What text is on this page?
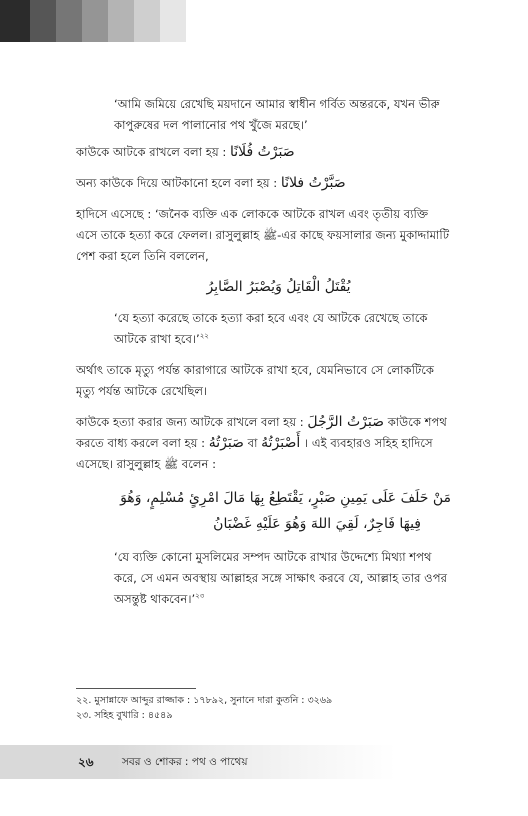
‘আমি জমিয়ে রেখেছি ময়দানে আমার স্বাধীন গর্বিত অন্তরকে, যখন ভীরু কাপুরুষের দল পালানোর পথ খুঁজে মরছে।’

কাউকে আটকে রাখলে বলা হয় : صَبَرْتُ فُلَانًا

অন্য কাউকে দিয়ে আটকানো হলে বলা হয় : صَبَّرْتُ فلانًا

হাদিসে এসেছে : ‘জনৈক ব্যক্তি এক লোককে আটকে রাখল এবং তৃতীয় ব্যক্তি এসে তাকে হত্যা করে ফেলল। রাসুলুল্লাহ ﷺ-এর কাছে ফয়সালার জন্য মুকাদ্দামাটি পেশ করা হলে তিনি বললেন,

يُقْتَلُ الْقَاتِلُ وَيُصْبَرُ الصَّابِرُ

‘যে হত্যা করেছে তাকে হত্যা করা হবে এবং যে আটকে রেখেছে তাকে আটকে রাখা হবে।’$^{২২}$

অর্থাৎ তাকে মৃত্যু পর্যন্ত কারাগারে আটকে রাখা হবে, যেমনিভাবে সে লোকটিকে মৃত্যু পর্যন্ত আটকে রেখেছিল।

কাউকে হত্যা করার জন্য আটকে রাখলে বলা হয় : صَبَرْتُ الرَّجُلَ কাউকে শপথ করতে বাধ্য করলে বলা হয় : صَبَرْتُهُ বা أَصْبَرْتُهُ । এই ব্যবহারও সহিহ হাদিসে এসেছে। রাসুলুল্লাহ ﷺ বলেন :

مَنْ حَلَفَ عَلَى يَمِينِ صَبْرٍ، يَقْتَطِعُ بِهَا مَالَ امْرِئٍ مُسْلِمٍ، وَهُوَ
فِيهَا فَاجِرٌ، لَقِيَ اللهَ وَهُوَ عَلَيْهِ غَضْبَانُ

‘যে ব্যক্তি কোনো মুসলিমের সম্পদ আটকে রাখার উদ্দেশ্যে মিথ্যা শপথ করে, সে এমন অবস্থায় আল্লাহর সঙ্গে সাক্ষাৎ করবে যে, আল্লাহ তার ওপর অসন্তুষ্ট থাকবেন।’$^{২৩}$

২২. মুসান্নাফে আব্দুর রাজ্জাক : ১৭৮৯২, সুনানে দারা কুতনি : ৩২৬৯
২৩. সহিহ বুখারি : ৪৫৪৯
২৬	সবর ও শোকর : পথ ও পাথেয়
